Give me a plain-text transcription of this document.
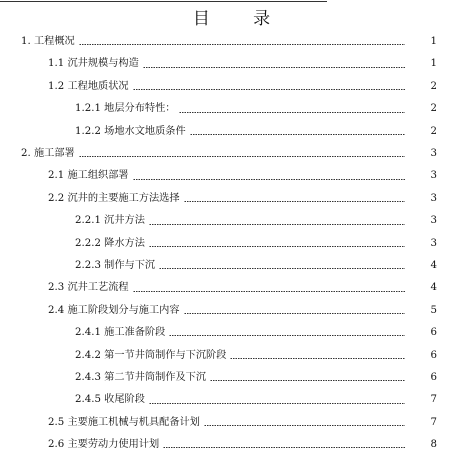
目        录
1. 工程概况	1
1.1 沉井规模与构造	1
1.2 工程地质状况	2
1.2.1 地层分布特性：	2
1.2.2 场地水文地质条件	2
2. 施工部署	3
2.1 施工组织部署	3
2.2 沉井的主要施工方法选择	3
2.2.1 沉井方法	3
2.2.2 降水方法	3
2.2.3 制作与下沉	4
2.3 沉井工艺流程	4
2.4 施工阶段划分与施工内容	5
2.4.1 施工准备阶段	6
2.4.2 第一节井筒制作与下沉阶段	6
2.4.3 第二节井筒制作及下沉	6
2.4.5 收尾阶段	7
2.5 主要施工机械与机具配备计划	7
2.6 主要劳动力使用计划	8
